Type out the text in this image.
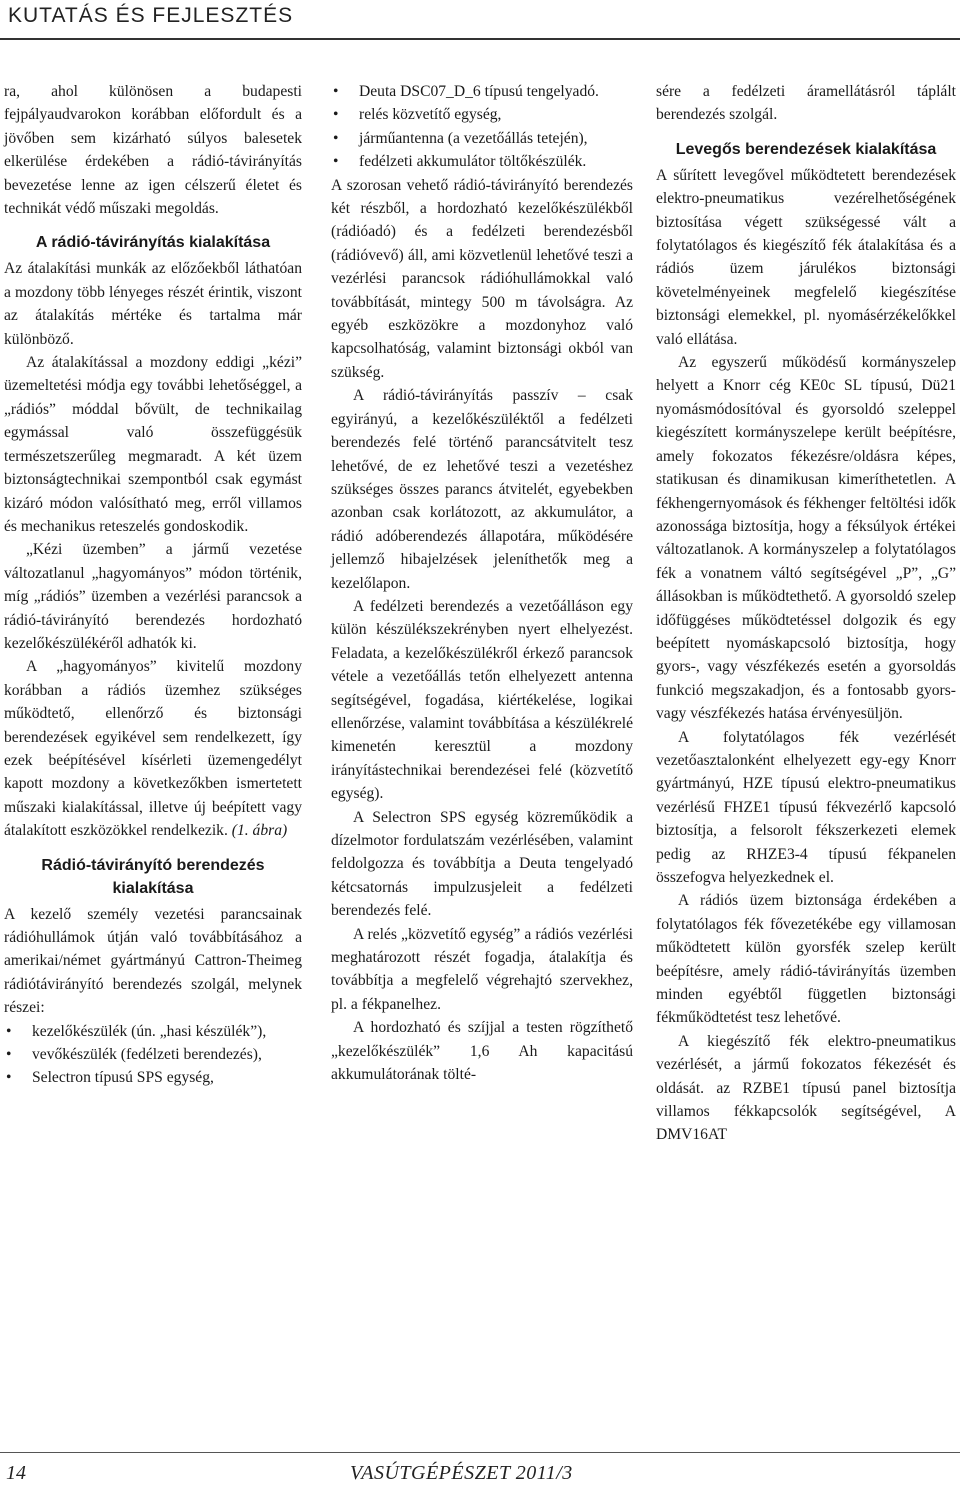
KUTATÁS ÉS FEJLESZTÉS

ra, ahol különösen a budapesti fejpályaudvarokon korábban előfordult és a jövőben sem kizárható súlyos balesetek elkerülése érdekében a rádió-távirányítás bevezetése lenne az igen célszerű életet és technikát védő műszaki megoldás.

A rádió-távirányítás kialakítása

Az átalakítási munkák az előzőekből láthatóan a mozdony több lényeges részét érintik, viszont az átalakítás mértéke és tartalma már különböző.

Az átalakítással a mozdony eddigi „kézi” üzemeltetési módja egy további lehetőséggel, a „rádiós” móddal bővült, de technikailag egymással való összefüggésük természetszerűleg megmaradt. A két üzem biztonságtechnikai szempontból csak egymást kizáró módon valósítható meg, erről villamos és mechanikus reteszelés gondoskodik.

„Kézi üzemben” a jármű vezetése változatlanul „hagyományos” módon történik, míg „rádiós” üzemben a vezérlési parancsok a rádió-távirányító berendezés hordozható kezelőkészülékéről adhatók ki.

A „hagyományos” kivitelű mozdony korábban a rádiós üzemhez szükséges működtető, ellenőrző és biztonsági berendezések egyikével sem rendelkezett, így ezek beépítésével kísérleti üzemengedélyt kapott mozdony a következőkben ismertetett műszaki kialakítással, illetve új beépített vagy átalakított eszközökkel rendelkezik. (1. ábra)

Rádió-távirányító berendezés kialakítása

A kezelő személy vezetési parancsainak rádióhullámok útján való továbbításához a amerikai/német gyártmányú Cattron-Theimeg rádiótávirányító berendezés szolgál, melynek részei:

• kezelőkészülék (ún. „hasi készülék”),
• vevőkészülék (fedélzeti berendezés),
• Selectron típusú SPS egység,
• Deuta DSC07_D_6 típusú tengelyadó.
• relés közvetítő egység,
• járműantenna (a vezetőállás tetején),
• fedélzeti akkumulátor töltőkészülék.

A szorosan vehető rádió-távirányító berendezés két részből, a hordozható kezelőkészülékből (rádióadó) és a fedélzeti berendezésből (rádióvevő) áll, ami közvetlenül lehetővé teszi a vezérlési parancsok rádióhullámokkal való továbbítását, mintegy 500 m távolságra. Az egyéb eszközökre a mozdonyhoz való kapcsolhatóság, valamint biztonsági okból van szükség.

A rádió-távirányítás passzív – csak egyirányú, a kezelőkészüléktől a fedélzeti berendezés felé történő parancsátvitelt tesz lehetővé, de ez lehetővé teszi a vezetéshez szükséges összes parancs átvitelét, egyebekben azonban csak korlátozott, az akkumulátor, a rádió adóberendezés állapotára, működésére jellemző hibajelzések jeleníthetők meg a kezelőlapon.

A fedélzeti berendezés a vezetőálláson egy külön készülékszekrényben nyert elhelyezést. Feladata, a kezelőkészülékről érkező parancsok vétele a vezetőállás tetőn elhelyezett antenna segítségével, fogadása, kiértékelése, logikai ellenőrzése, valamint továbbítása a készülékrelé kimenetén keresztül a mozdony irányítástechnikai berendezései felé (közvetítő egység).

A Selectron SPS egység közreműködik a dízelmotor fordulatszám vezérlésében, valamint feldolgozza és továbbítja a Deuta tengelyadó kétcsatornás impulzusjeleit a fedélzeti berendezés felé.

A relés „közvetítő egység” a rádiós vezérlési meghatározott részét fogadja, átalakítja és továbbítja a megfelelő végrehajtó szervekhez, pl. a fékpanelhez.

A hordozható és szíjjal a testen rögzíthető „kezelőkészülék” 1,6 Ah kapacitású akkumulátorának tölté-

sére a fedélzeti áramellátásról táplált berendezés szolgál.

Levegős berendezések kialakítása

A sűrített levegővel működtetett berendezések elektro-pneumatikus vezérelhetőségének biztosítása végett szükségessé vált a folytatólagos és kiegészítő fék átalakítása és a rádiós üzem járulékos biztonsági követelményeinek megfelelő kiegészítése biztonsági elemekkel, pl. nyomásérzékelőkkel való ellátása.

Az egyszerű működésű kormányszelep helyett a Knorr cég KE0c SL típusú, Dü21 nyomásmódosítóval és gyorsoldó szeleppel kiegészített kormányszelepe került beépítésre, amely fokozatos fékezésre/oldásra képes, statikusan és dinamikusan kimeríthetetlen. A fékhengernyomások és fékhenger feltöltési idők azonossága biztosítja, hogy a féksúlyok értékei változatlanok. A kormányszelep a folytatólagos fék a vonatnem váltó segítségével „P”, „G” állásokban is működtethető. A gyorsoldó szelep időfüggéses működtetéssel dolgozik és egy beépített nyomáskapcsoló biztosítja, hogy gyors-, vagy vészfékezés esetén a gyorsoldás funkció megszakadjon, és a fontosabb gyors- vagy vészfékezés hatása érvényesüljön.

A folytatólagos fék vezérlését vezetőasztalonként elhelyezett egy-egy Knorr gyártmányú, HZE típusú elektro-pneumatikus vezérlésű FHZE1 típusú fékvezérlő kapcsoló biztosítja, a felsorolt fékszerkezeti elemek pedig az RHZE3-4 típusú fékpanelen összefogva helyezkednek el.

A rádiós üzem biztonsága érdekében a folytatólagos fék fővezetékébe egy villamosan működtetett külön gyorsfék szelep került beépítésre, amely rádió-távirányítás üzemben minden egyébtől független biztonsági fékműködtetést tesz lehetővé.

A kiegészítő fék elektro-pneumatikus vezérlését, a jármű fokozatos fékezését és oldását. az RZBE1 típusú panel biztosítja villamos fékkapcsolók segítségével, A DMV16AT

14	VASÚTGÉPÉSZET 2011/3
